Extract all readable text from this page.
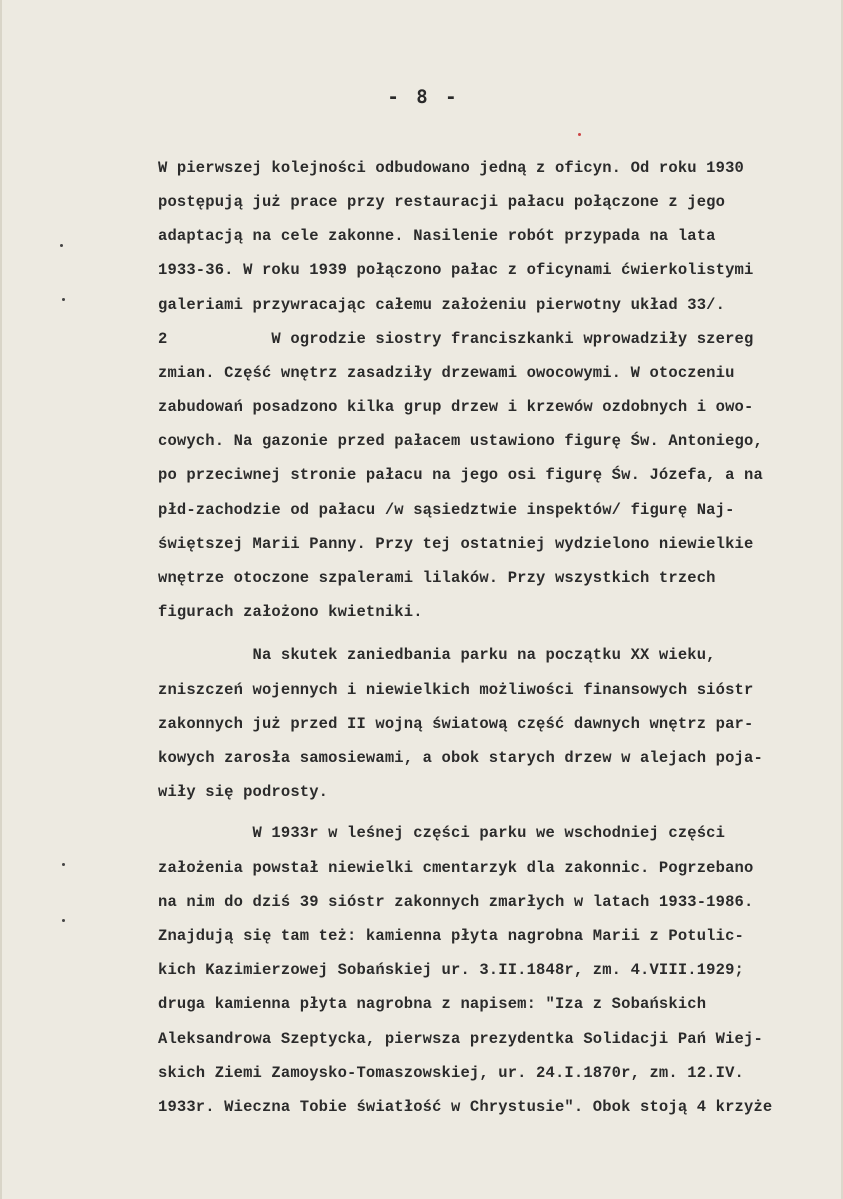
- 8 -
W pierwszej kolejności odbudowano jedną z oficyn. Od roku 1930
postępują już prace przy restauracji pałacu połączone z jego
adaptacją na cele zakonne. Nasilenie robót przypada na lata
1933-36. W roku 1939 połączono pałac z oficynami ćwierkolistymi
galeriami przywracając całemu założeniu pierwotny układ 33/.
2           W ogrodzie siostry franciszkanki wprowadziły szereg
zmian. Część wnętrz zasadziły drzewami owocowymi. W otoczeniu
zabudowań posadzono kilka grup drzew i krzewów ozdobnych i owo-
cowych. Na gazonie przed pałacem ustawiono figurę Św. Antoniego,
po przeciwnej stronie pałacu na jego osi figurę Św. Józefa, a na
płd-zachodzie od pałacu /w sąsiedztwie inspektów/ figurę Naj-
świętszej Marii Panny. Przy tej ostatniej wydzielono niewielkie
wnętrze otoczone szpalerami lilaków. Przy wszystkich trzech
figurach założono kwietniki.
Na skutek zaniedbania parku na początku XX wieku,
zniszczeń wojennych i niewielkich możliwości finansowych sióstr
zakonnych już przed II wojną światową część dawnych wnętrz par-
kowych zarosła samosiewami, a obok starych drzew w alejach poja-
wiły się podrosty.
W 1933r w leśnej części parku we wschodniej części
założenia powstał niewielki cmentarzyk dla zakonnic. Pogrzebano
na nim do dziś 39 sióstr zakonnych zmarłych w latach 1933-1986.
Znajdują się tam też: kamienna płyta nagrobna Marii z Potulic-
kich Kazimierzowej Sobańskiej ur. 3.II.1848r, zm. 4.VIII.1929;
druga kamienna płyta nagrobna z napisem: "Iza z Sobańskich
Aleksandrowa Szeptycka, pierwsza prezydentka Solidacji Pań Wiej-
skich Ziemi Zamoysko-Tomaszowskiej, ur. 24.I.1870r, zm. 12.IV.
1933r. Wieczna Tobie światłość w Chrystusie". Obok stoją 4 krzyże
